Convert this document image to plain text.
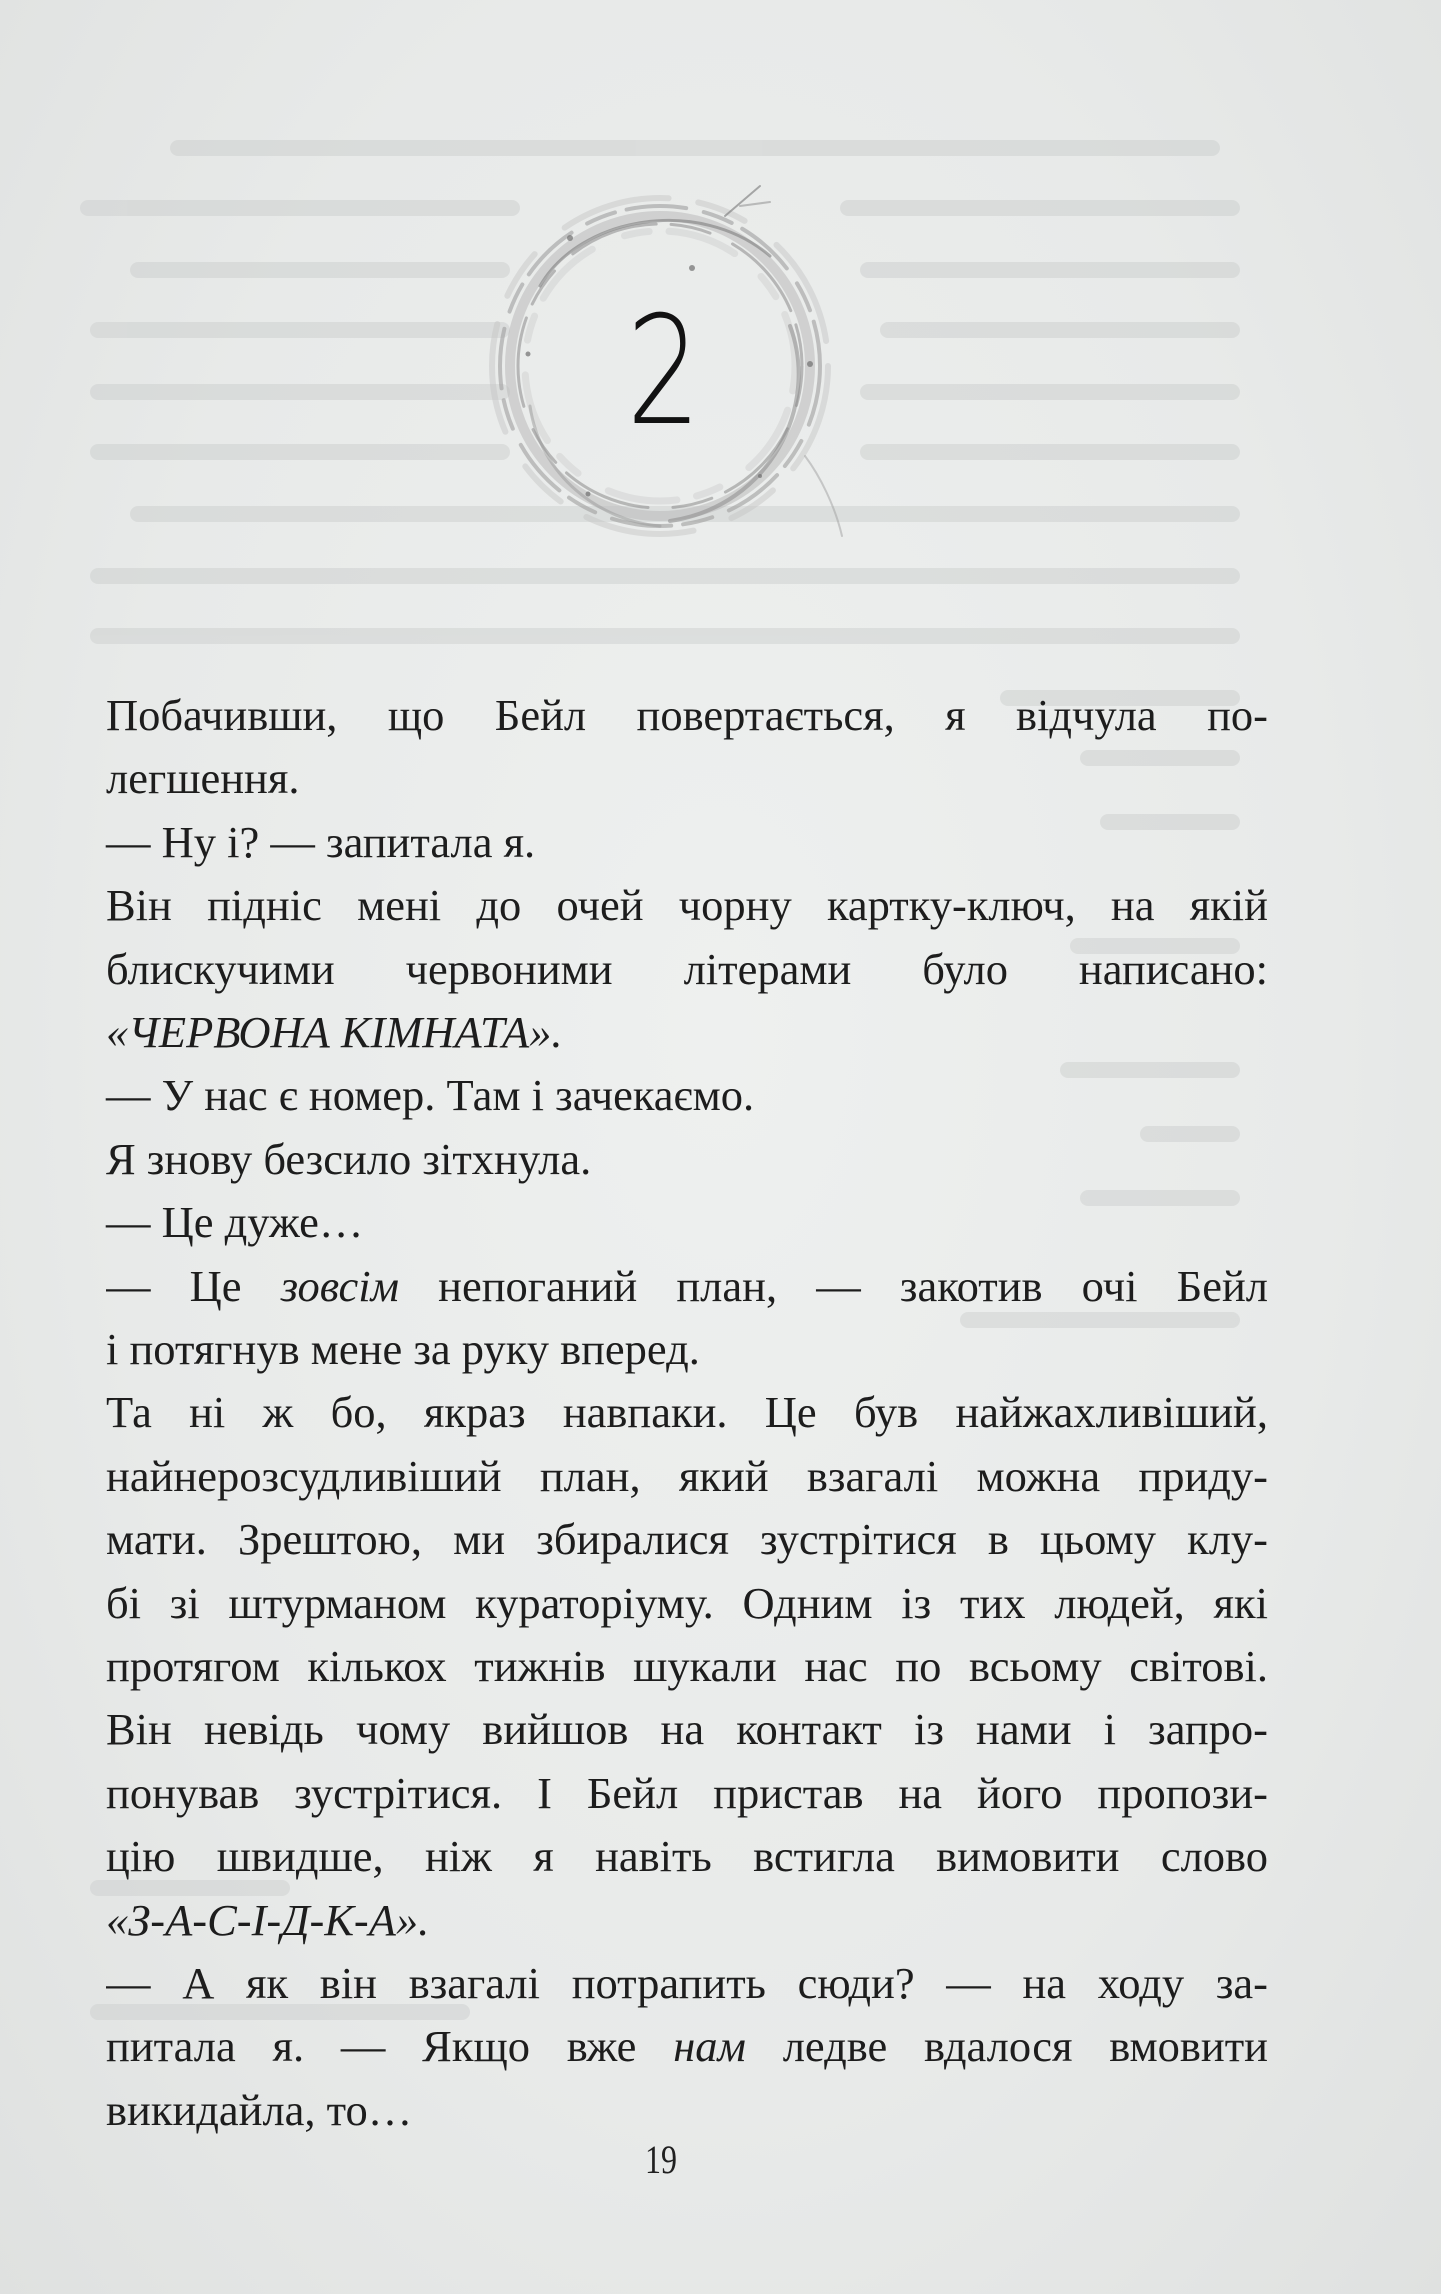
2
Побачивши, що Бейл повертається, я відчула по-
легшення.
— Ну і? — запитала я.
Він підніс мені до очей чорну картку-ключ, на якій
блискучими червоними літерами було написано:
«ЧЕРВОНА КІМНАТА».
— У нас є номер. Там і зачекаємо.
Я знову безсило зітхнула.
— Це дуже…
— Це зовсім непоганий план, — закотив очі Бейл
і потягнув мене за руку вперед.
Та ні ж бо, якраз навпаки. Це був найжахливіший,
найнерозсудливіший план, який взагалі можна приду-
мати. Зрештою, ми збиралися зустрітися в цьому клу-
бі зі штурманом кураторіуму. Одним із тих людей, які
протягом кількох тижнів шукали нас по всьому світові.
Він невідь чому вийшов на контакт із нами і запро-
понував зустрітися. І Бейл пристав на його пропози-
цію швидше, ніж я навіть встигла вимовити слово
«З-А-С-І-Д-К-А».
— А як він взагалі потрапить сюди? — на ходу за-
питала я. — Якщо вже нам ледве вдалося вмовити
викидайла, то…
19
